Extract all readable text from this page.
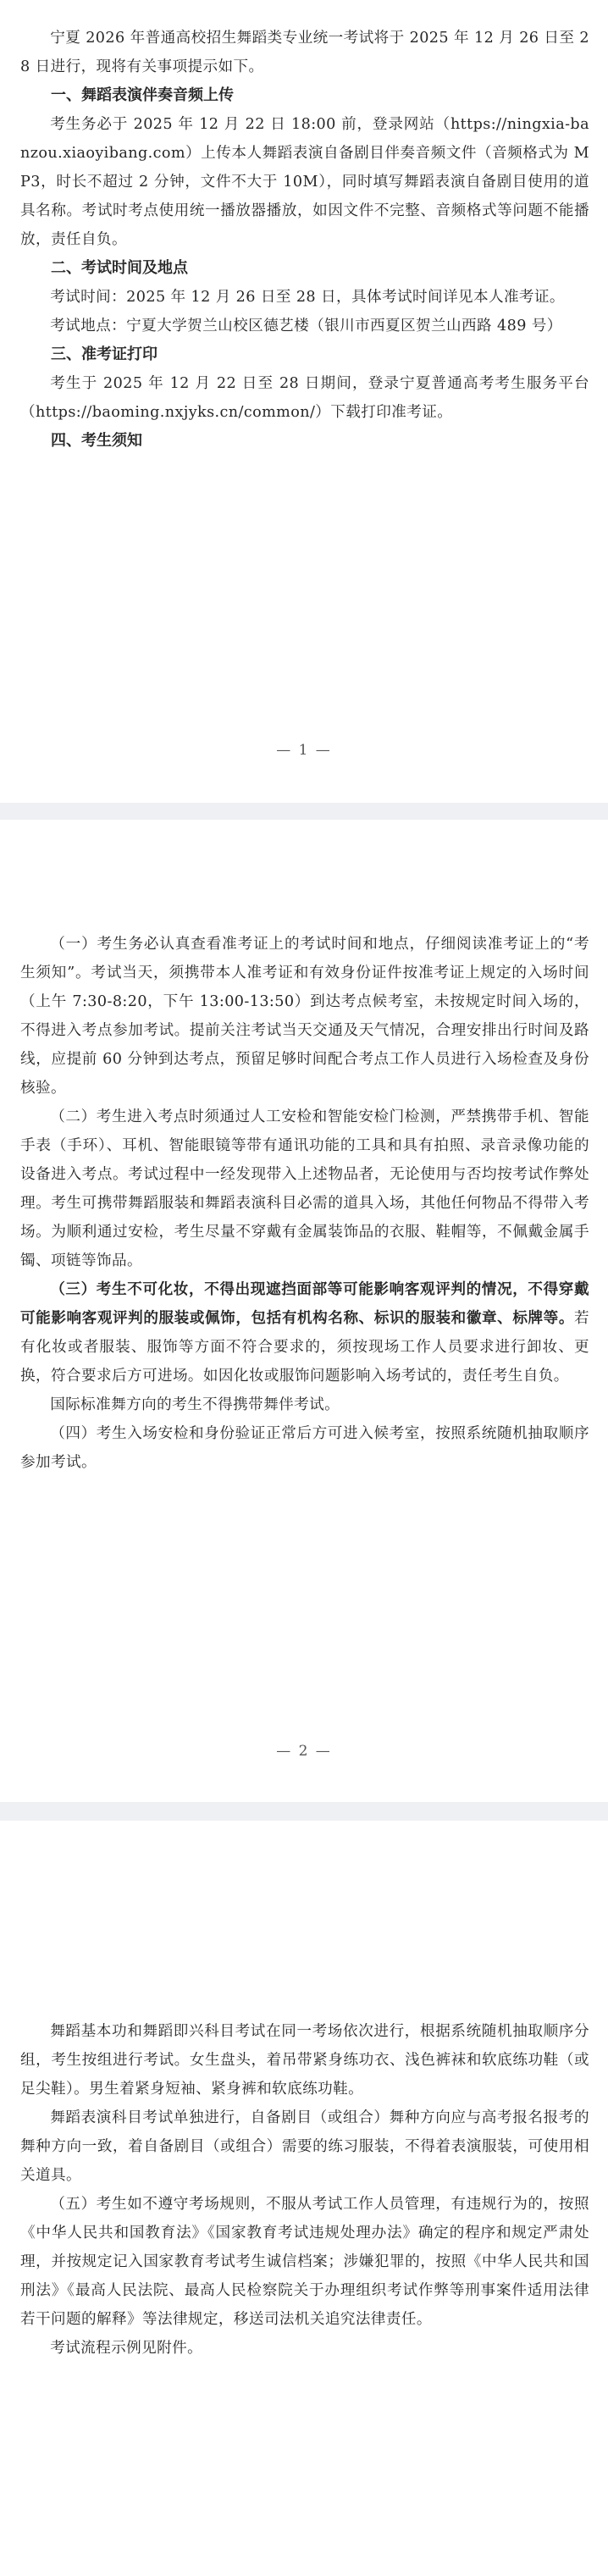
宁夏 2026 年普通高校招生舞蹈类专业统一考试将于 2025 年 12 月 26 日至 28 日进行，现将有关事项提示如下。

一、舞蹈表演伴奏音频上传

考生务必于 2025 年 12 月 22 日 18:00 前，登录网站（https://ningxia-banzou.xiaoyibang.com）上传本人舞蹈表演自备剧目伴奏音频文件（音频格式为 MP3，时长不超过 2 分钟，文件不大于 10M），同时填写舞蹈表演自备剧目使用的道具名称。考试时考点使用统一播放器播放，如因文件不完整、音频格式等问题不能播放，责任自负。

二、考试时间及地点

考试时间：2025 年 12 月 26 日至 28 日，具体考试时间详见本人准考证。

考试地点：宁夏大学贺兰山校区德艺楼（银川市西夏区贺兰山西路 489 号）

三、准考证打印

考生于 2025 年 12 月 22 日至 28 日期间，登录宁夏普通高考考生服务平台（https://baoming.nxjyks.cn/common/）下载打印准考证。

四、考生须知

— 1 —

（一）考生务必认真查看准考证上的考试时间和地点，仔细阅读准考证上的“考生须知”。考试当天，须携带本人准考证和有效身份证件按准考证上规定的入场时间（上午 7:30-8:20，下午 13:00-13:50）到达考点候考室，未按规定时间入场的，不得进入考点参加考试。提前关注考试当天交通及天气情况，合理安排出行时间及路线，应提前 60 分钟到达考点，预留足够时间配合考点工作人员进行入场检查及身份核验。

（二）考生进入考点时须通过人工安检和智能安检门检测，严禁携带手机、智能手表（手环）、耳机、智能眼镜等带有通讯功能的工具和具有拍照、录音录像功能的设备进入考点。考试过程中一经发现带入上述物品者，无论使用与否均按考试作弊处理。考生可携带舞蹈服装和舞蹈表演科目必需的道具入场，其他任何物品不得带入考场。为顺利通过安检，考生尽量不穿戴有金属装饰品的衣服、鞋帽等，不佩戴金属手镯、项链等饰品。

（三）考生不可化妆，不得出现遮挡面部等可能影响客观评判的情况，不得穿戴可能影响客观评判的服装或佩饰，包括有机构名称、标识的服装和徽章、标牌等。若有化妆或者服装、服饰等方面不符合要求的，须按现场工作人员要求进行卸妆、更换，符合要求后方可进场。如因化妆或服饰问题影响入场考试的，责任考生自负。

国际标准舞方向的考生不得携带舞伴考试。

（四）考生入场安检和身份验证正常后方可进入候考室，按照系统随机抽取顺序参加考试。

— 2 —

舞蹈基本功和舞蹈即兴科目考试在同一考场依次进行，根据系统随机抽取顺序分组，考生按组进行考试。女生盘头，着吊带紧身练功衣、浅色裤袜和软底练功鞋（或足尖鞋）。男生着紧身短袖、紧身裤和软底练功鞋。

舞蹈表演科目考试单独进行，自备剧目（或组合）舞种方向应与高考报名报考的舞种方向一致，着自备剧目（或组合）需要的练习服装，不得着表演服装，可使用相关道具。

（五）考生如不遵守考场规则，不服从考试工作人员管理，有违规行为的，按照《中华人民共和国教育法》《国家教育考试违规处理办法》确定的程序和规定严肃处理，并按规定记入国家教育考试考生诚信档案；涉嫌犯罪的，按照《中华人民共和国刑法》《最高人民法院、最高人民检察院关于办理组织考试作弊等刑事案件适用法律若干问题的解释》等法律规定，移送司法机关追究法律责任。

考试流程示例见附件。
